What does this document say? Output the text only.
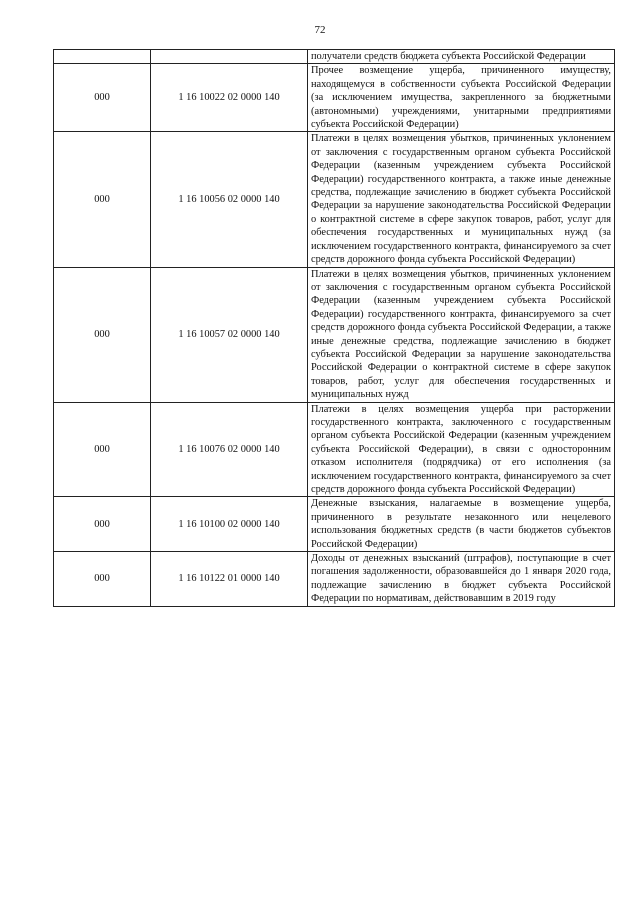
72
		получатели средств бюджета субъекта Российской Федерации
000	1 16 10022 02 0000 140	Прочее возмещение ущерба, причиненного имуществу, находящемуся в собственности субъекта Российской Федерации (за исключением имущества, закрепленного за бюджетными (автономными) учреждениями, унитарными предприятиями субъекта Российской Федерации)
000	1 16 10056 02 0000 140	Платежи в целях возмещения убытков, причиненных уклонением от заключения с государственным органом субъекта Российской Федерации (казенным учреждением субъекта Российской Федерации) государственного контракта, а также иные денежные средства, подлежащие зачислению в бюджет субъекта Российской Федерации за нарушение законодательства Российской Федерации о контрактной системе в сфере закупок товаров, работ, услуг для обеспечения государственных и муниципальных нужд (за исключением государственного контракта, финансируемого за счет средств дорожного фонда субъекта Российской Федерации)
000	1 16 10057 02 0000 140	Платежи в целях возмещения убытков, причиненных уклонением от заключения с государственным органом субъекта Российской Федерации (казенным учреждением субъекта Российской Федерации) государственного контракта, финансируемого за счет средств дорожного фонда субъекта Российской Федерации, а также иные денежные средства, подлежащие зачислению в бюджет субъекта Российской Федерации за нарушение законодательства Российской Федерации о контрактной системе в сфере закупок товаров, работ, услуг для обеспечения государственных и муниципальных нужд
000	1 16 10076 02 0000 140	Платежи в целях возмещения ущерба при расторжении государственного контракта, заключенного с государственным органом субъекта Российской Федерации (казенным учреждением субъекта Российской Федерации), в связи с односторонним отказом исполнителя (подрядчика) от его исполнения (за исключением государственного контракта, финансируемого за счет средств дорожного фонда субъекта Российской Федерации)
000	1 16 10100 02 0000 140	Денежные взыскания, налагаемые в возмещение ущерба, причиненного в результате незаконного или нецелевого использования бюджетных средств (в части бюджетов субъектов Российской Федерации)
000	1 16 10122 01 0000 140	Доходы от денежных взысканий (штрафов), поступающие в счет погашения задолженности, образовавшейся до 1 января 2020 года, подлежащие зачислению в бюджет субъекта Российской Федерации по нормативам, действовавшим в 2019 году
